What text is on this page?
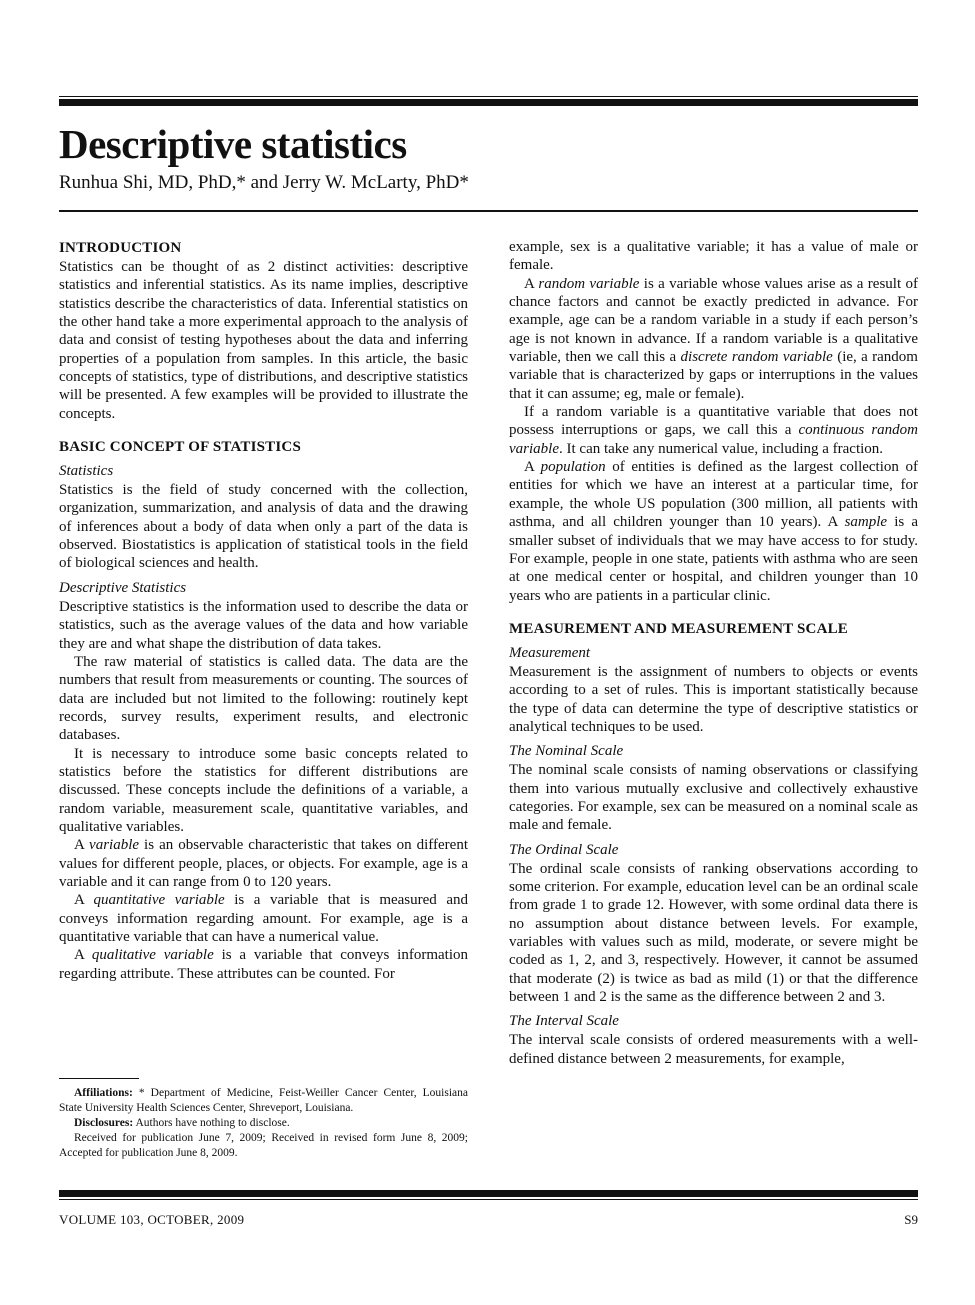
Descriptive statistics

Runhua Shi, MD, PhD,* and Jerry W. McLarty, PhD*

INTRODUCTION

Statistics can be thought of as 2 distinct activities: descriptive statistics and inferential statistics. As its name implies, descriptive statistics describe the characteristics of data. Inferential statistics on the other hand take a more experimental approach to the analysis of data and consist of testing hypotheses about the data and inferring properties of a population from samples. In this article, the basic concepts of statistics, type of distributions, and descriptive statistics will be presented. A few examples will be provided to illustrate the concepts.

BASIC CONCEPT OF STATISTICS
Statistics

Statistics is the field of study concerned with the collection, organization, summarization, and analysis of data and the drawing of inferences about a body of data when only a part of the data is observed. Biostatistics is application of statistical tools in the field of biological sciences and health.

Descriptive Statistics

Descriptive statistics is the information used to describe the data or statistics, such as the average values of the data and how variable they are and what shape the distribution of data takes.

The raw material of statistics is called data. The data are the numbers that result from measurements or counting. The sources of data are included but not limited to the following: routinely kept records, survey results, experiment results, and electronic databases.

It is necessary to introduce some basic concepts related to statistics before the statistics for different distributions are discussed. These concepts include the definitions of a variable, a random variable, measurement scale, quantitative variables, and qualitative variables.

A variable is an observable characteristic that takes on different values for different people, places, or objects. For example, age is a variable and it can range from 0 to 120 years.

A quantitative variable is a variable that is measured and conveys information regarding amount. For example, age is a quantitative variable that can have a numerical value.

A qualitative variable is a variable that conveys information regarding attribute. These attributes can be counted. For

Affiliations: * Department of Medicine, Feist-Weiller Cancer Center, Louisiana State University Health Sciences Center, Shreveport, Louisiana.

Disclosures: Authors have nothing to disclose.

Received for publication June 7, 2009; Received in revised form June 8, 2009; Accepted for publication June 8, 2009.

example, sex is a qualitative variable; it has a value of male or female.

A random variable is a variable whose values arise as a result of chance factors and cannot be exactly predicted in advance. For example, age can be a random variable in a study if each person’s age is not known in advance. If a random variable is a qualitative variable, then we call this a discrete random variable (ie, a random variable that is characterized by gaps or interruptions in the values that it can assume; eg, male or female).

If a random variable is a quantitative variable that does not possess interruptions or gaps, we call this a continuous random variable. It can take any numerical value, including a fraction.

A population of entities is defined as the largest collection of entities for which we have an interest at a particular time, for example, the whole US population (300 million, all patients with asthma, and all children younger than 10 years). A sample is a smaller subset of individuals that we may have access to for study. For example, people in one state, patients with asthma who are seen at one medical center or hospital, and children younger than 10 years who are patients in a particular clinic.

MEASUREMENT AND MEASUREMENT SCALE
Measurement

Measurement is the assignment of numbers to objects or events according to a set of rules. This is important statistically because the type of data can determine the type of descriptive statistics or analytical techniques to be used.

The Nominal Scale

The nominal scale consists of naming observations or classifying them into various mutually exclusive and collectively exhaustive categories. For example, sex can be measured on a nominal scale as male and female.

The Ordinal Scale

The ordinal scale consists of ranking observations according to some criterion. For example, education level can be an ordinal scale from grade 1 to grade 12. However, with some ordinal data there is no assumption about distance between levels. For example, variables with values such as mild, moderate, or severe might be coded as 1, 2, and 3, respectively. However, it cannot be assumed that moderate (2) is twice as bad as mild (1) or that the difference between 1 and 2 is the same as the difference between 2 and 3.

The Interval Scale

The interval scale consists of ordered measurements with a well-defined distance between 2 measurements, for example,

VOLUME 103, OCTOBER, 2009	S9
